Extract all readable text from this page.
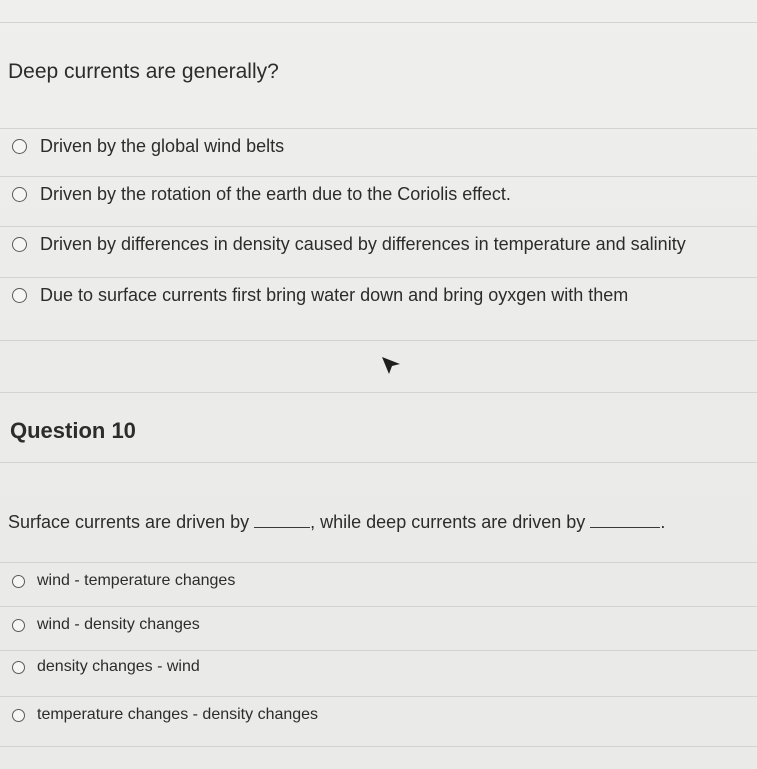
Deep currents are generally?
Driven by the global wind belts
Driven by the rotation of the earth due to the Coriolis effect.
Driven by differences in density caused by differences in temperature and salinity
Due to surface currents first bring water down and bring oyxgen with them
Question 10
Surface currents are driven by	, while deep currents are driven by	.
wind - temperature changes
wind - density changes
density changes - wind
temperature changes - density changes
